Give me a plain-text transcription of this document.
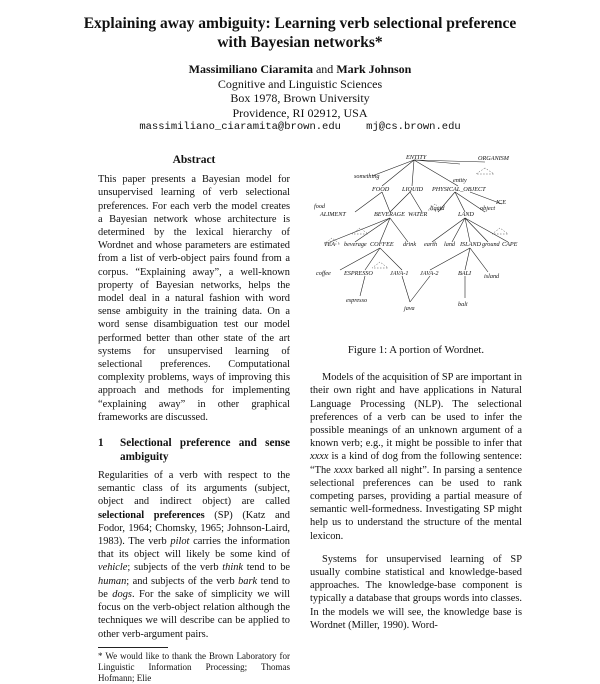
Explaining away ambiguity: Learning verb selectional preference
with Bayesian networks*
Massimiliano Ciaramita and Mark Johnson
Cognitive and Linguistic Sciences
Box 1978, Brown University
Providence, RI 02912, USA
massimiliano_ciaramita@brown.edu mj@cs.brown.edu
Abstract

This paper presents a Bayesian model for unsupervised learning of verb selectional preferences. For each verb the model creates a Bayesian network whose architecture is determined by the lexical hierarchy of Wordnet and whose parameters are estimated from a list of verb-object pairs found from a corpus. “Explaining away”, a well-known property of Bayesian networks, helps the model deal in a natural fashion with word sense ambiguity in the training data. On a word sense disambiguation test our model performed better than other state of the art systems for unsupervised learning of selectional preferences. Computational complexity problems, ways of improving this approach and methods for implementing “explaining away” in other graphical frameworks are discussed.

1	Selectional preference and sense ambiguity

Regularities of a verb with respect to the semantic class of its arguments (subject, object and indirect object) are called selectional preferences (SP) (Katz and Fodor, 1964; Chomsky, 1965; Johnson-Laird, 1983). The verb pilot carries the information that its object will likely be some kind of vehicle; subjects of the verb think tend to be human; and subjects of the verb bark tend to be dogs. For the sake of simplicity we will focus on the verb-object relation although the techniques we will describe can be applied to other verb-argument pairs.

* We would like to thank the Brown Laboratory for Linguistic Information Processing; Thomas Hofmann; Elie

ENTITY
something
ORGANISM
entity
FOOD LIQUID PHYSICAL_OBJECT
food
ALIMENT	BEVERAGE WATER
liquid
LAND
object
ICE
TEA beverage COFFEE drink earth land ISLAND ground CAPE
coffee ESPRESSO	JAVA-1 JAVA-2	BALI island
espresso
java
bali
Figure 1: A portion of Wordnet.

Models of the acquisition of SP are important in their own right and have applications in Natural Language Processing (NLP). The selectional preferences of a verb can be used to infer the possible meanings of an unknown argument of a known verb; e.g., it might be possible to infer that xxxx is a kind of dog from the following sentence: “The xxxx barked all night”. In parsing a sentence selectional preferences can be used to rank competing parses, providing a partial measure of semantic well-formedness. Investigating SP might help us to understand the structure of the mental lexicon.

Systems for unsupervised learning of SP usually combine statistical and knowledge-based approaches. The knowledge-base component is typically a database that groups words into classes. In the models we will see, the knowledge base is Wordnet (Miller, 1990). Word-
